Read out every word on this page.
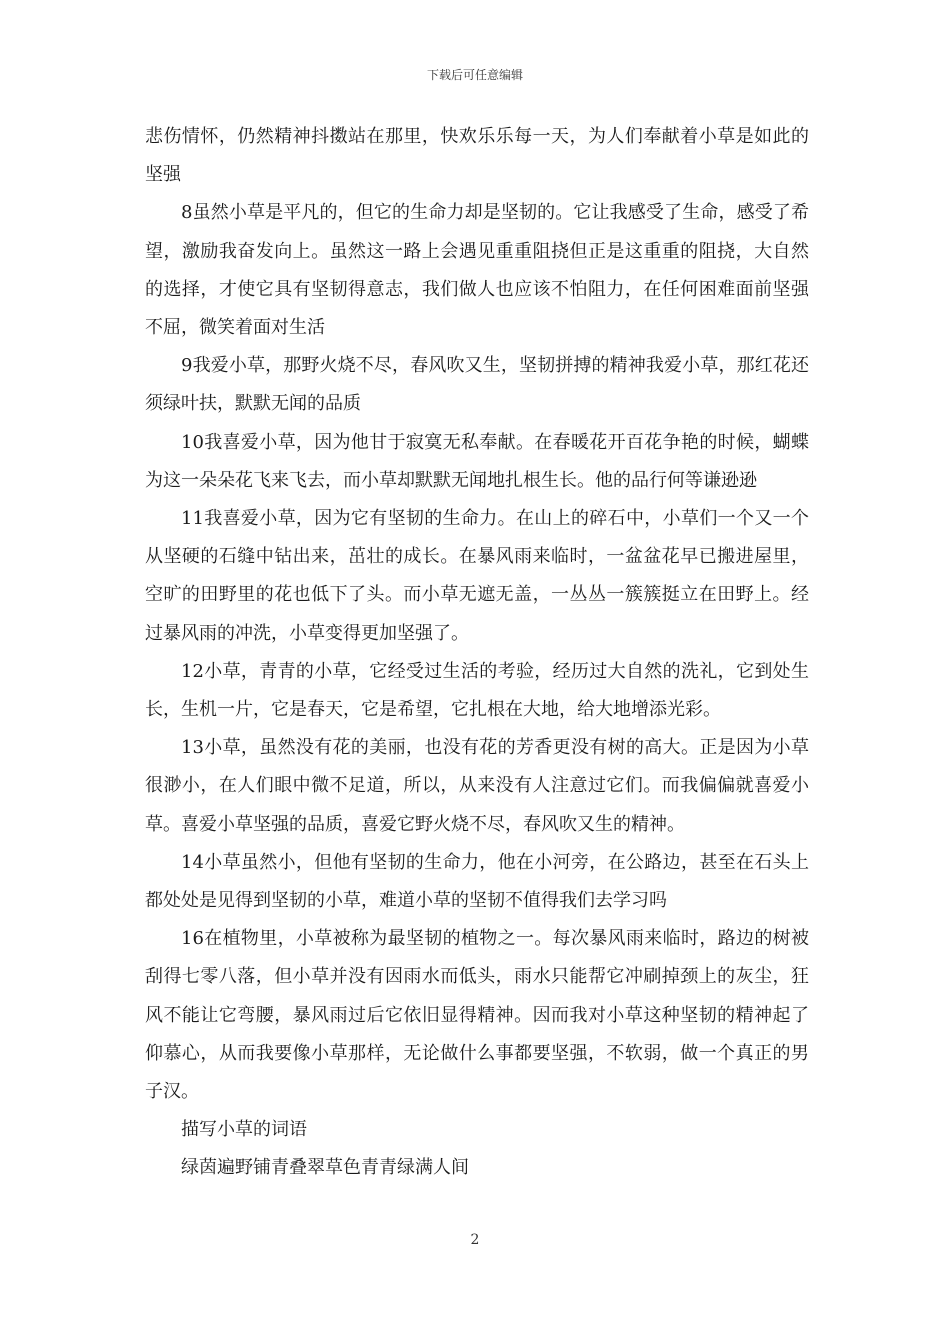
下载后可任意编辑

悲伤情怀，仍然精神抖擞站在那里，快欢乐乐每一天，为人们奉献着小草是如此的坚强

8虽然小草是平凡的，但它的生命力却是坚韧的。它让我感受了生命，感受了希望，激励我奋发向上。虽然这一路上会遇见重重阻挠但正是这重重的阻挠，大自然的选择，才使它具有坚韧得意志，我们做人也应该不怕阻力，在任何困难面前坚强不屈，微笑着面对生活

9我爱小草，那野火烧不尽，春风吹又生，坚韧拼搏的精神我爱小草，那红花还须绿叶扶，默默无闻的品质

10我喜爱小草，因为他甘于寂寞无私奉献。在春暖花开百花争艳的时候，蝴蝶为这一朵朵花飞来飞去，而小草却默默无闻地扎根生长。他的品行何等谦逊逊

11我喜爱小草，因为它有坚韧的生命力。在山上的碎石中，小草们一个又一个从坚硬的石缝中钻出来，茁壮的成长。在暴风雨来临时，一盆盆花早已搬进屋里，空旷的田野里的花也低下了头。而小草无遮无盖，一丛丛一簇簇挺立在田野上。经过暴风雨的冲洗，小草变得更加坚强了。

12小草，青青的小草，它经受过生活的考验，经历过大自然的洗礼，它到处生长，生机一片，它是春天，它是希望，它扎根在大地，给大地增添光彩。

13小草，虽然没有花的美丽，也没有花的芳香更没有树的高大。正是因为小草很渺小，在人们眼中微不足道，所以，从来没有人注意过它们。而我偏偏就喜爱小草。喜爱小草坚强的品质，喜爱它野火烧不尽，春风吹又生的精神。

14小草虽然小，但他有坚韧的生命力，他在小河旁，在公路边，甚至在石头上都处处是见得到坚韧的小草，难道小草的坚韧不值得我们去学习吗

16在植物里，小草被称为最坚韧的植物之一。每次暴风雨来临时，路边的树被刮得七零八落，但小草并没有因雨水而低头，雨水只能帮它冲刷掉颈上的灰尘，狂风不能让它弯腰，暴风雨过后它依旧显得精神。因而我对小草这种坚韧的精神起了仰慕心，从而我要像小草那样，无论做什么事都要坚强，不软弱，做一个真正的男子汉。

描写小草的词语

绿茵遍野铺青叠翠草色青青绿满人间

2
